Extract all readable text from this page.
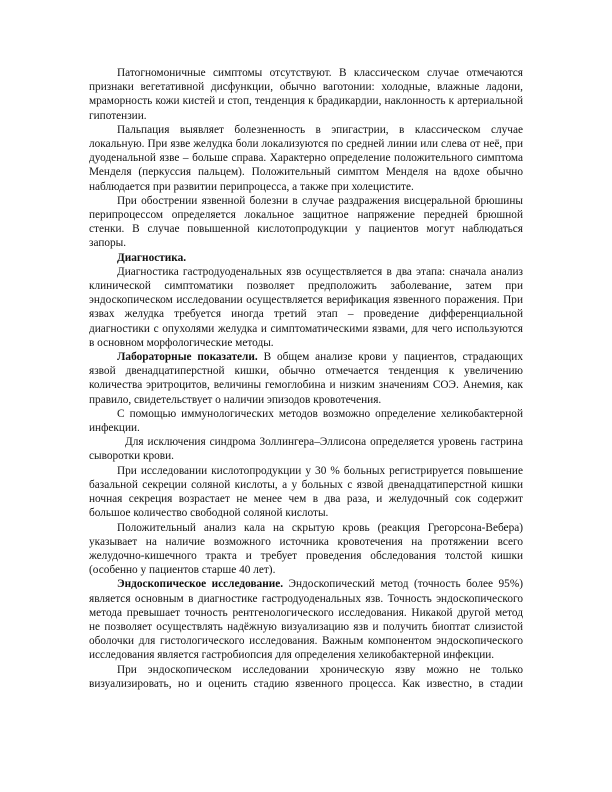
Патогномоничные симптомы отсутствуют. В классическом случае отмечаются признаки вегетативной дисфункции, обычно ваготонии: холодные, влажные ладони, мраморность кожи кистей и стоп, тенденция к брадикардии, наклонность к артериальной гипотензии.

Пальпация выявляет болезненность в эпигастрии, в классическом случае локальную. При язве желудка боли локализуются по средней линии или слева от неё, при дуоденальной язве – больше справа. Характерно определение положительного симптома Менделя (перкуссия пальцем). Положительный симптом Менделя на вдохе обычно наблюдается при развитии перипроцесса, а также при холецистите.

При обострении язвенной болезни в случае раздражения висцеральной брюшины перипроцессом определяется локальное защитное напряжение передней брюшной стенки. В случае повышенной кислотопродукции у пациентов могут наблюдаться запоры.

Диагностика.

Диагностика гастродуоденальных язв осуществляется в два этапа: сначала анализ клинической симптоматики позволяет предположить заболевание, затем при эндоскопическом исследовании осуществляется верификация язвенного поражения. При язвах желудка требуется иногда третий этап – проведение дифференциальной диагностики с опухолями желудка и симптоматическими язвами, для чего используются в основном морфологические методы.

Лабораторные показатели. В общем анализе крови у пациентов, страдающих язвой двенадцатиперстной кишки, обычно отмечается тенденция к увеличению количества эритроцитов, величины гемоглобина и низким значениям СОЭ. Анемия, как правило, свидетельствует о наличии эпизодов кровотечения.

С помощью иммунологических методов возможно определение хеликобактерной инфекции.

Для исключения синдрома Золлингера–Эллисона определяется уровень гастрина сыворотки крови.

При исследовании кислотопродукции у 30 % больных регистрируется повышение базальной секреции соляной кислоты, а у больных с язвой двенадцатиперстной кишки ночная секреция возрастает не менее чем в два раза, и желудочный сок содержит большое количество свободной соляной кислоты.

Положительный анализ кала на скрытую кровь (реакция Грегорсона-Вебера) указывает на наличие возможного источника кровотечения на протяжении всего желудочно-кишечного тракта и требует проведения обследования толстой кишки (особенно у пациентов старше 40 лет).

Эндоскопическое исследование. Эндоскопический метод (точность более 95%) является основным в диагностике гастродуоденальных язв. Точность эндоскопического метода превышает точность рентгенологического исследования. Никакой другой метод не позволяет осуществлять надёжную визуализацию язв и получить биоптат слизистой оболочки для гистологического исследования. Важным компонентом эндоскопического исследования является гастробиопсия для определения хеликобактерной инфекции.

При эндоскопическом исследовании хроническую язву можно не только визуализировать, но и оценить стадию язвенного процесса. Как известно, в стадии
